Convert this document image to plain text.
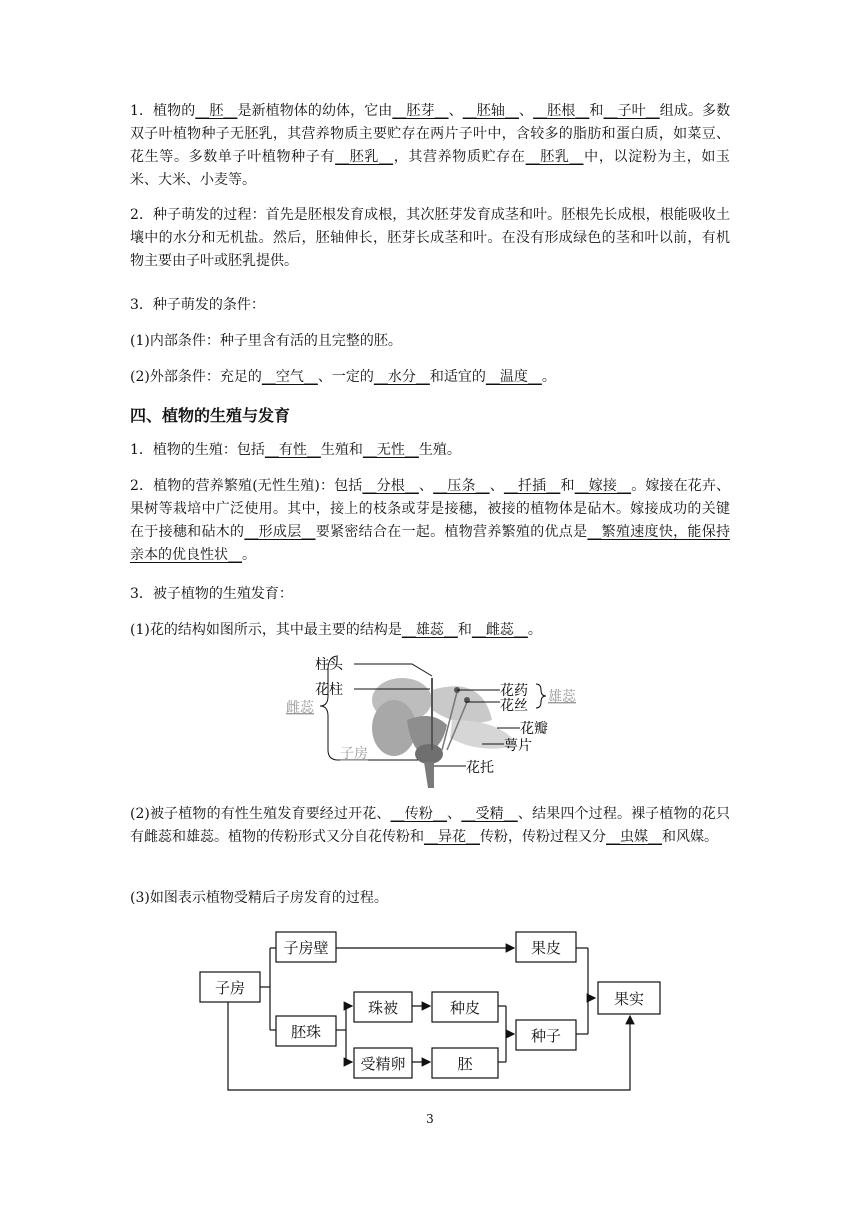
1．植物的__胚__是新植物体的幼体，它由__胚芽__、__胚轴__、__胚根__和__子叶__组成。多数双子叶植物种子无胚乳，其营养物质主要贮存在两片子叶中，含较多的脂肪和蛋白质，如菜豆、花生等。多数单子叶植物种子有__胚乳__，其营养物质贮存在__胚乳__中，以淀粉为主，如玉米、大米、小麦等。
2．种子萌发的过程：首先是胚根发育成根，其次胚芽发育成茎和叶。胚根先长成根，根能吸收土壤中的水分和无机盐。然后，胚轴伸长，胚芽长成茎和叶。在没有形成绿色的茎和叶以前，有机物主要由子叶或胚乳提供。
3．种子萌发的条件：
(1)内部条件：种子里含有活的且完整的胚。
(2)外部条件：充足的__空气__、一定的__水分__和适宜的__温度__。
四、植物的生殖与发育
1．植物的生殖：包括__有性__生殖和__无性__生殖。
2．植物的营养繁殖(无性生殖)：包括__分根__、__压条__、__扦插__和__嫁接__。嫁接在花卉、果树等栽培中广泛使用。其中，接上的枝条或芽是接穗，被接的植物体是砧木。嫁接成功的关键在于接穗和砧木的__形成层__要紧密结合在一起。植物营养繁殖的优点是__繁殖速度快，能保持亲本的优良性状__。
3．被子植物的生殖发育：
(1)花的结构如图所示，其中最主要的结构是__雄蕊__和__雌蕊__。
柱头
花柱	花药
花丝
花瓣
萼片
花托
雌蕊
子房
雄蕊
(2)被子植物的有性生殖发育要经过开花、__传粉__、__受精__、结果四个过程。裸子植物的花只有雌蕊和雄蕊。植物的传粉形式又分自花传粉和__异花__传粉，传粉过程又分__虫媒__和风媒。
(3)如图表示植物受精后子房发育的过程。
子房
子房壁	果皮
胚珠
珠被	种皮
受精卵	胚
种子
果实
3
